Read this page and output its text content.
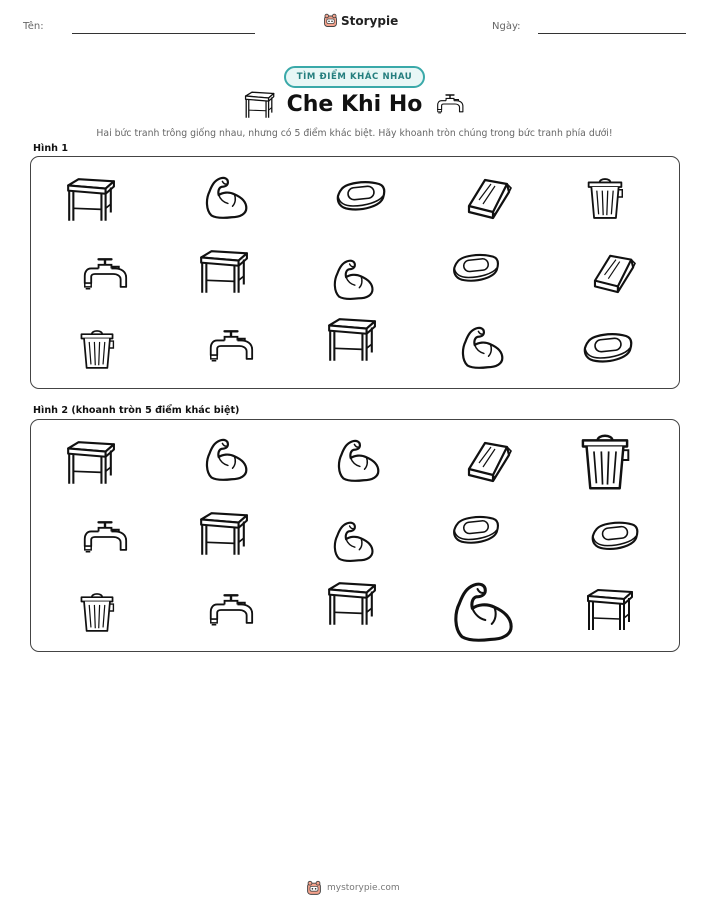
Tên:	Storypie	Ngày:
TÌM ĐIỂM KHÁC NHAU
Che Khi Ho
Hai bức tranh trông giống nhau, nhưng có 5 điểm khác biệt. Hãy khoanh tròn chúng trong bức tranh phía dưới!
Hình 1
Hình 2 (khoanh tròn 5 điểm khác biệt)
mystorypie.com
